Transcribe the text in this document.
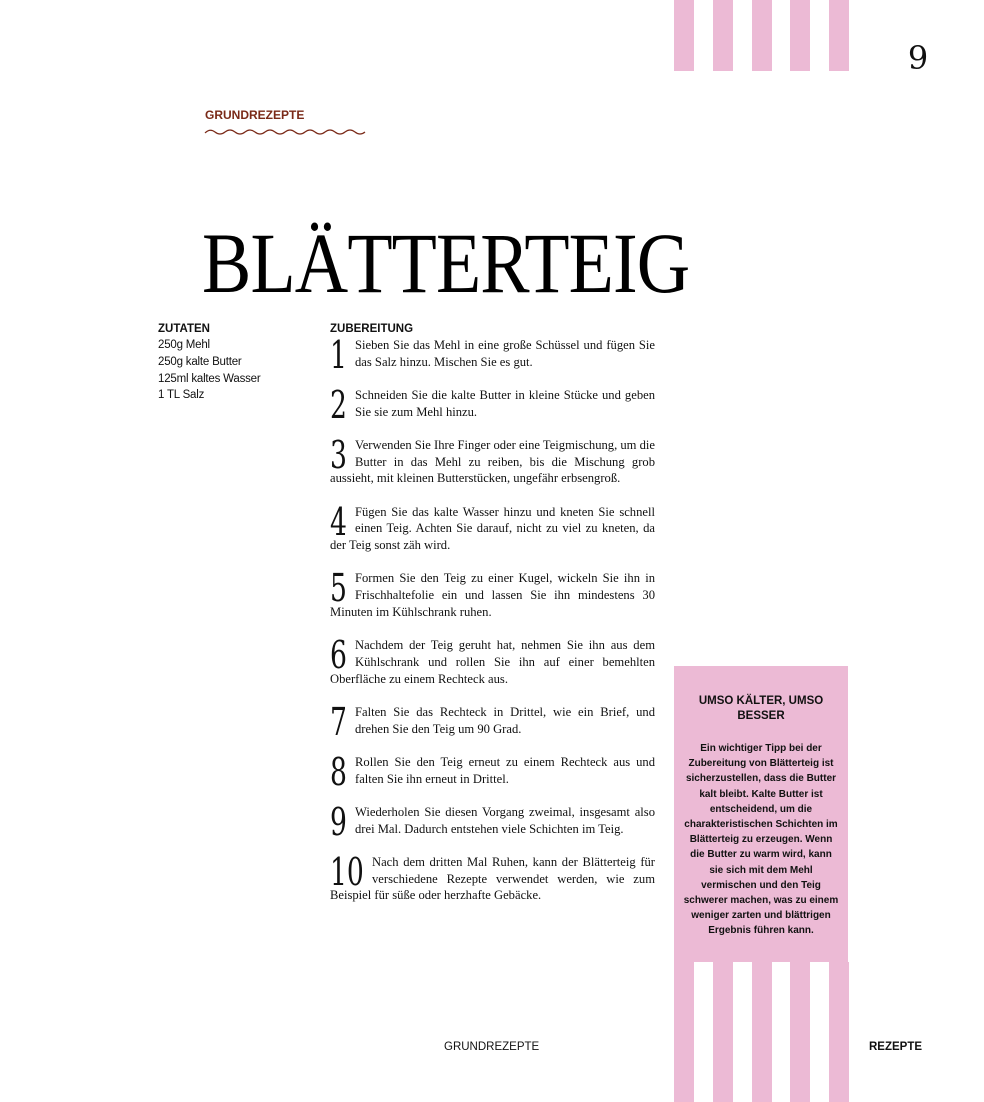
9
GRUNDREZEPTE
BLÄTTERTEIG
ZUTATEN
250g Mehl
250g kalte Butter
125ml kaltes Wasser
1 TL Salz
ZUBEREITUNG
1 Sieben Sie das Mehl in eine große Schüssel und fügen Sie das Salz hinzu. Mischen Sie es gut.
2 Schneiden Sie die kalte Butter in kleine Stücke und geben Sie sie zum Mehl hinzu.
3 Verwenden Sie Ihre Finger oder eine Teigmischung, um die Butter in das Mehl zu reiben, bis die Mischung grob aussieht, mit kleinen Butterstücken, ungefähr erbsengroß.
4 Fügen Sie das kalte Wasser hinzu und kneten Sie schnell einen Teig. Achten Sie darauf, nicht zu viel zu kneten, da der Teig sonst zäh wird.
5 Formen Sie den Teig zu einer Kugel, wickeln Sie ihn in Frischhaltefolie ein und lassen Sie ihn mindestens 30 Minuten im Kühlschrank ruhen.
6 Nachdem der Teig geruht hat, nehmen Sie ihn aus dem Kühlschrank und rollen Sie ihn auf einer bemehlten Oberfläche zu einem Rechteck aus.
7 Falten Sie das Rechteck in Drittel, wie ein Brief, und drehen Sie den Teig um 90 Grad.
8 Rollen Sie den Teig erneut zu einem Rechteck aus und falten Sie ihn erneut in Drittel.
9 Wiederholen Sie diesen Vorgang zweimal, insgesamt also drei Mal. Dadurch entstehen viele Schichten im Teig.
10 Nach dem dritten Mal Ruhen, kann der Blätterteig für verschiedene Rezepte verwendet werden, wie zum Beispiel für süße oder herzhafte Gebäcke.
UMSO KÄLTER, UMSO BESSER
Ein wichtiger Tipp bei der Zubereitung von Blätterteig ist sicherzustellen, dass die Butter kalt bleibt. Kalte Butter ist entscheidend, um die charakteristischen Schichten im Blätterteig zu erzeugen. Wenn die Butter zu warm wird, kann sie sich mit dem Mehl vermischen und den Teig schwerer machen, was zu einem weniger zarten und blättrigen Ergebnis führen kann.
GRUNDREZEPTE	REZEPTE
